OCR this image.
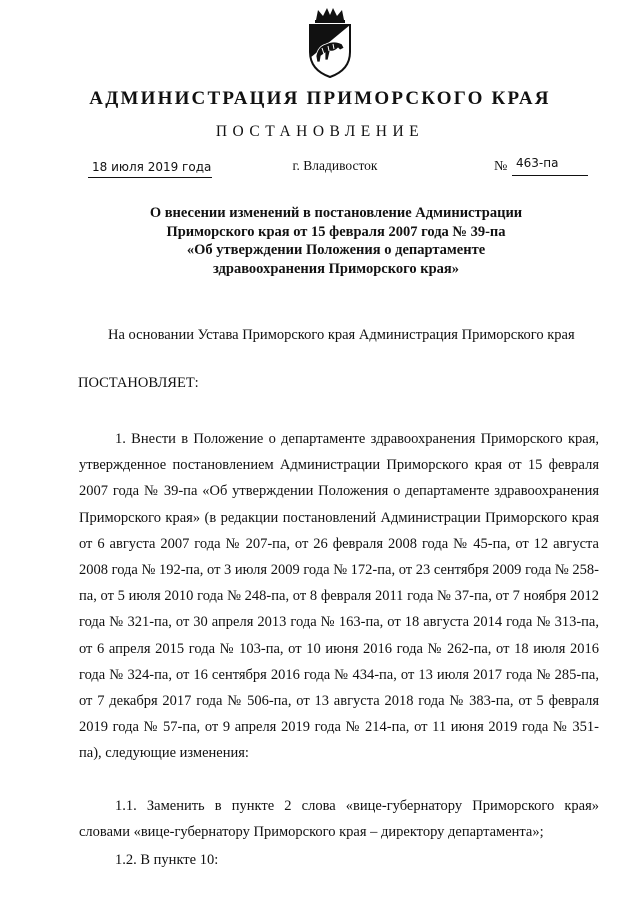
АДМИНИСТРАЦИЯ ПРИМОРСКОГО КРАЯ
ПОСТАНОВЛЕНИЕ
18 июля 2019 года	г. Владивосток	№ 463-па
О внесении изменений в постановление Администрации
Приморского края от 15 февраля 2007 года № 39-па
«Об утверждении Положения о департаменте
здравоохранения Приморского края»
На основании Устава Приморского края Администрация Приморского края
ПОСТАНОВЛЯЕТ:

1. Внести в Положение о департаменте здравоохранения Приморского края, утвержденное постановлением Администрации Приморского края от 15 февраля 2007 года № 39-па «Об утверждении Положения о департаменте здравоохранения Приморского края» (в редакции постановлений Администрации Приморского края от 6 августа 2007 года № 207-па, от 26 февраля 2008 года № 45-па, от 12 августа 2008 года № 192-па, от 3 июля 2009 года № 172-па, от 23 сентября 2009 года № 258-па, от 5 июля 2010 года № 248-па, от 8 февраля 2011 года № 37-па, от 7 ноября 2012 года № 321-па, от 30 апреля 2013 года № 163-па, от 18 августа 2014 года № 313-па, от 6 апреля 2015 года № 103-па, от 10 июня 2016 года № 262-па, от 18 июля 2016 года № 324-па, от 16 сентября 2016 года № 434-па, от 13 июля 2017 года № 285-па, от 7 декабря 2017 года № 506-па, от 13 августа 2018 года № 383-па, от 5 февраля 2019 года № 57-па, от 9 апреля 2019 года № 214-па, от 11 июня 2019 года № 351-па), следующие изменения:

1.1. Заменить в пункте 2 слова «вице-губернатору Приморского края» словами «вице-губернатору Приморского края – директору департамента»;

1.2. В пункте 10:
